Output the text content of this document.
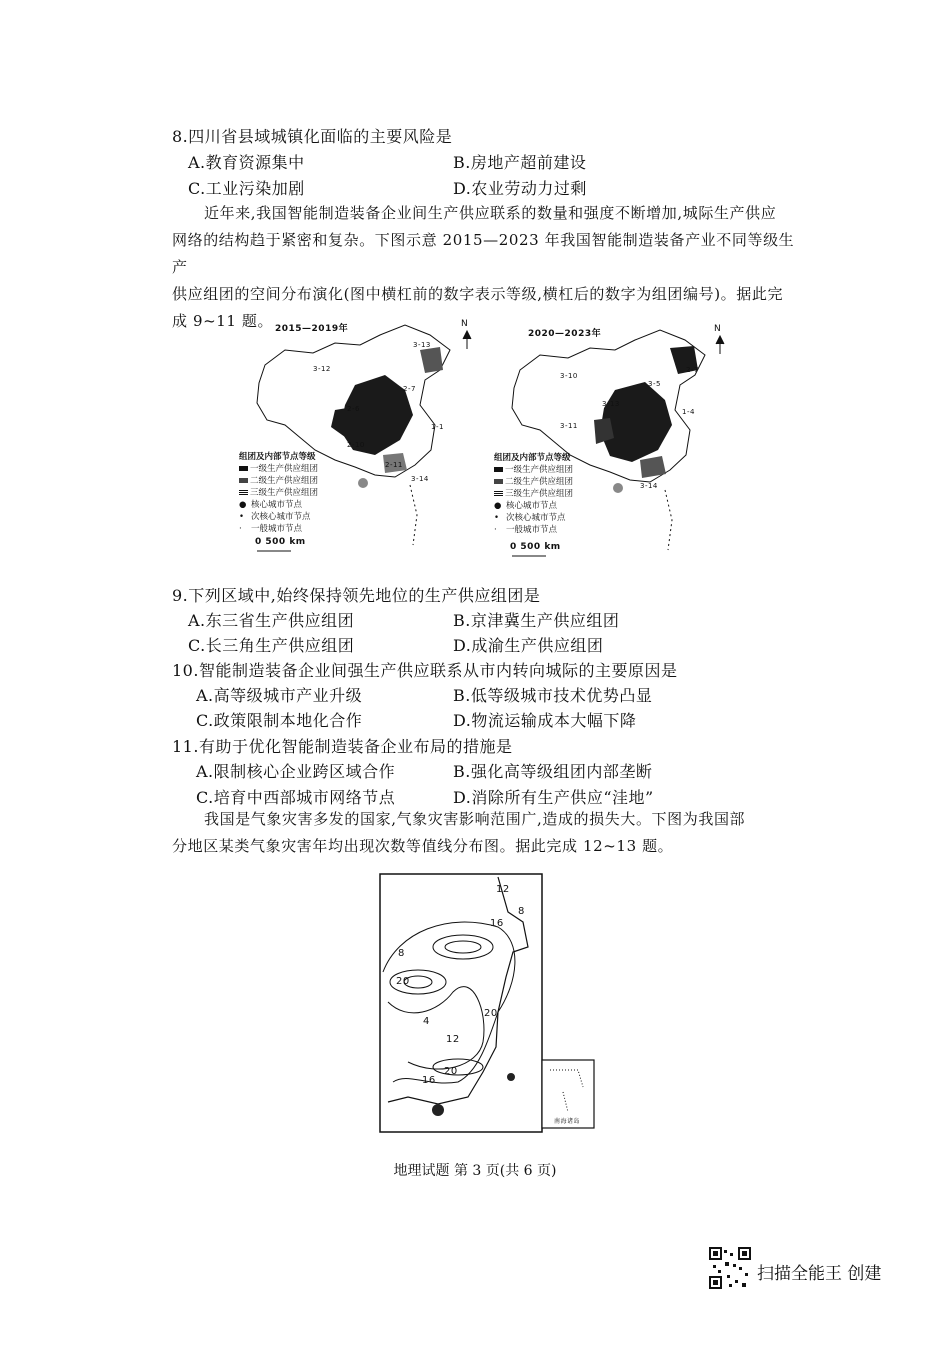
8.四川省县域城镇化面临的主要风险是
A.教育资源集中	B.房地产超前建设
C.工业污染加剧	D.农业劳动力过剩
近年来,我国智能制造装备企业间生产供应联系的数量和强度不断增加,城际生产供应
网络的结构趋于紧密和复杂。下图示意 2015—2023 年我国智能制造装备产业不同等级生产
供应组团的空间分布演化(图中横杠前的数字表示等级,横杠后的数字为组团编号)。据此完
成 9~11 题。 2015—2019年	N
3-12
3-13
2-6
2-7
1-1
2-10
2-11
3-14
组团及内部节点等级
一级生产供应组团
二级生产供应组团
三级生产供应组团
● 核心城市节点
• 次核心城市节点
· 一般城市节点
0 500 km
2020—2023年	N
3-10
3-13
3-11
1-4
3-5
2-7
3-14
组团及内部节点等级
一级生产供应组团
二级生产供应组团
三级生产供应组团
● 核心城市节点
• 次核心城市节点
· 一般城市节点
0 500 km
9.下列区域中,始终保持领先地位的生产供应组团是
A.东三省生产供应组团	B.京津冀生产供应组团
C.长三角生产供应组团	D.成渝生产供应组团
10.智能制造装备企业间强生产供应联系从市内转向城际的主要原因是
A.高等级城市产业升级	B.低等级城市技术优势凸显
C.政策限制本地化合作	D.物流运输成本大幅下降
11.有助于优化智能制造装备企业布局的措施是
A.限制核心企业跨区域合作	B.强化高等级组团内部垄断
C.培育中西部城市网络节点	D.消除所有生产供应“洼地”
我国是气象灾害多发的国家,气象灾害影响范围广,造成的损失大。下图为我国部
分地区某类气象灾害年均出现次数等值线分布图。据此完成 12~13 题。
12
8
16
8
20
4
12
20
16
20
南海诸岛
地理试题 第 3 页(共 6 页)
扫描全能王 创建
